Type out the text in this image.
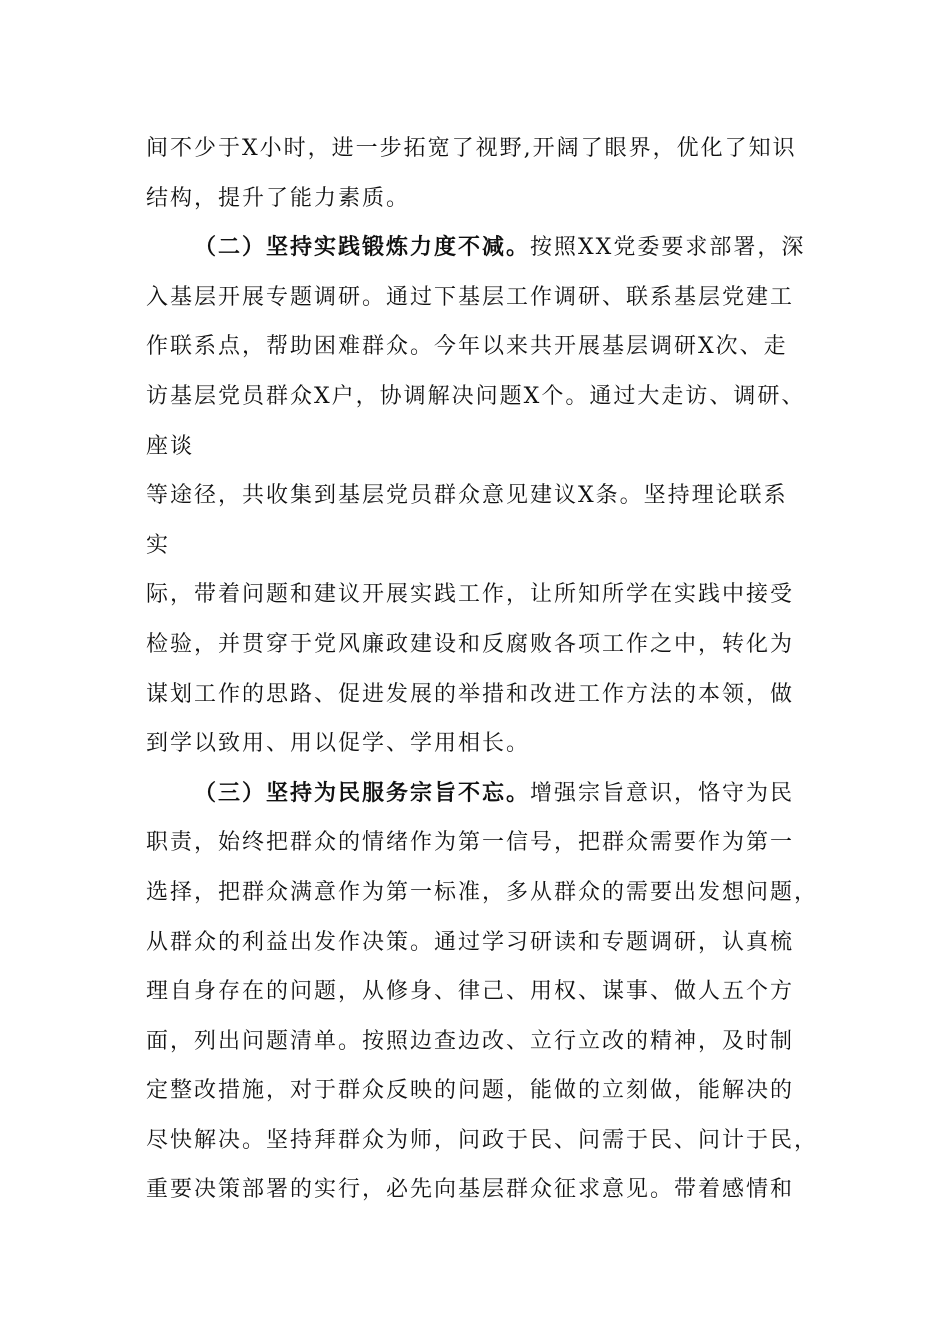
间不少于X小时，进一步拓宽了视野,开阔了眼界，优化了知识
结构，提升了能力素质。
（二）坚持实践锻炼力度不减。按照XX党委要求部署，深
入基层开展专题调研。通过下基层工作调研、联系基层党建工
作联系点，帮助困难群众。今年以来共开展基层调研X次、走
访基层党员群众X户，协调解决问题X个。通过大走访、调研、
座谈
等途径，共收集到基层党员群众意见建议X条。坚持理论联系
实
际，带着问题和建议开展实践工作，让所知所学在实践中接受
检验，并贯穿于党风廉政建设和反腐败各项工作之中，转化为
谋划工作的思路、促进发展的举措和改进工作方法的本领，做
到学以致用、用以促学、学用相长。
（三）坚持为民服务宗旨不忘。增强宗旨意识，恪守为民
职责，始终把群众的情绪作为第一信号，把群众需要作为第一
选择，把群众满意作为第一标准，多从群众的需要出发想问题，
从群众的利益出发作决策。通过学习研读和专题调研，认真梳
理自身存在的问题，从修身、律己、用权、谋事、做人五个方
面，列出问题清单。按照边查边改、立行立改的精神，及时制
定整改措施，对于群众反映的问题，能做的立刻做，能解决的
尽快解决。坚持拜群众为师，问政于民、问需于民、问计于民，
重要决策部署的实行，必先向基层群众征求意见。带着感情和
